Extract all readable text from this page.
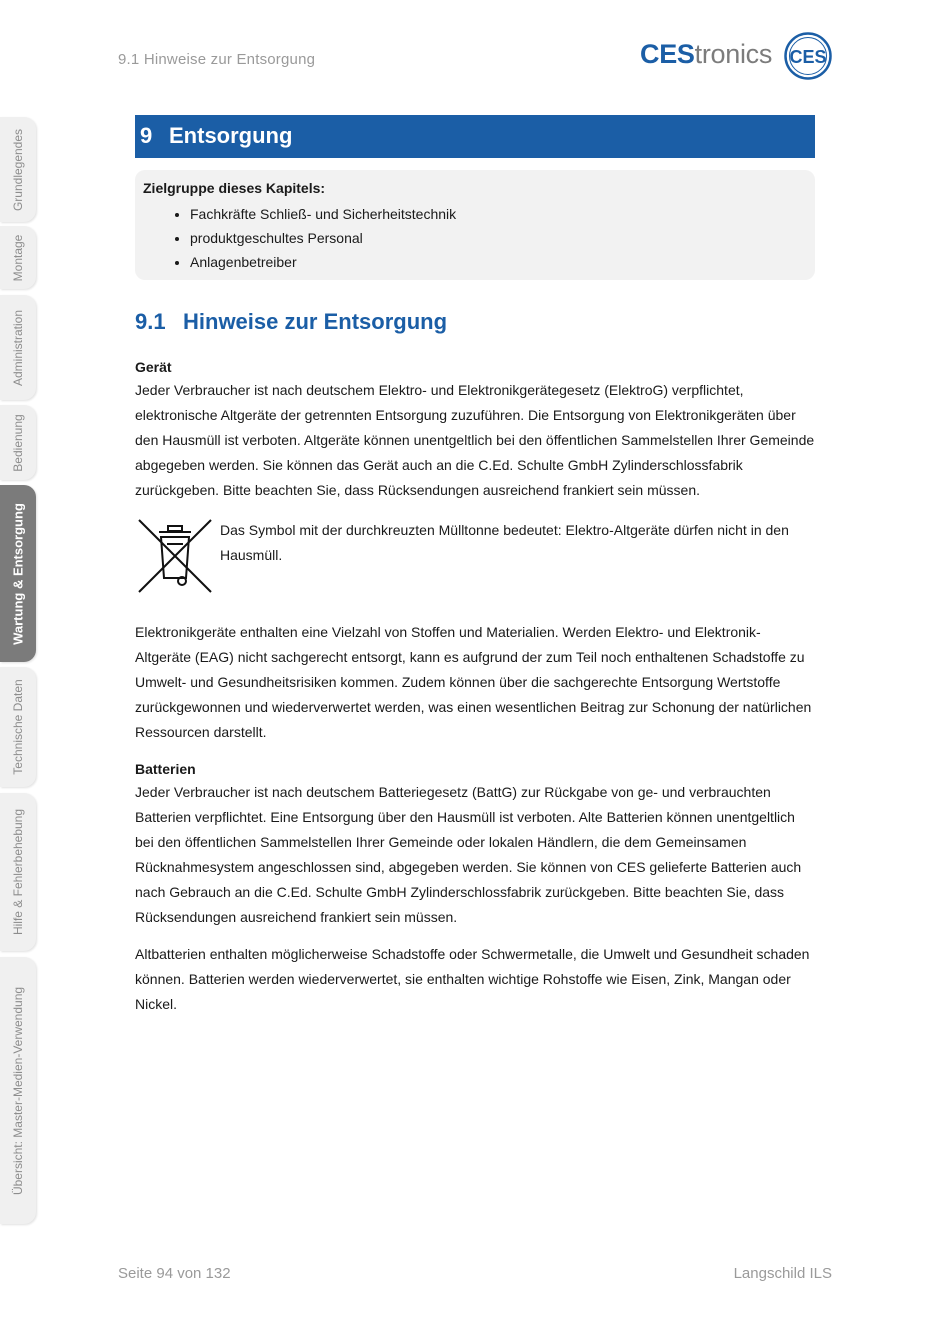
9.1 Hinweise zur Entsorgung	CEStronics CES
Grundlegendes
Montage
Administration
Bedienung
Wartung & Entsorgung
Technische Daten
Hilfe & Fehlerbehebung
Übersicht: Master-Medien-Verwendung
9 Entsorgung
Zielgruppe dieses Kapitels:
• Fachkräfte Schließ- und Sicherheitstechnik
• produktgeschultes Personal
• Anlagenbetreiber
9.1 Hinweise zur Entsorgung
Gerät

Jeder Verbraucher ist nach deutschem Elektro- und Elektronikgerätegesetz (ElektroG) verpflichtet, elektronische Altgeräte der getrennten Entsorgung zuzuführen. Die Entsorgung von Elektronikgeräten über den Hausmüll ist verboten. Altgeräte können unentgeltlich bei den öffentlichen Sammelstellen Ihrer Gemeinde abgegeben werden. Sie können das Gerät auch an die C.Ed. Schulte GmbH Zylinderschlossfabrik zurückgeben. Bitte beachten Sie, dass Rücksendungen ausreichend frankiert sein müssen.

Das Symbol mit der durchkreuzten Mülltonne bedeutet: Elektro-Altgeräte dürfen nicht in den Hausmüll.

Elektronikgeräte enthalten eine Vielzahl von Stoffen und Materialien. Werden Elektro- und Elektronik-Altgeräte (EAG) nicht sachgerecht entsorgt, kann es aufgrund der zum Teil noch enthaltenen Schadstoffe zu Umwelt- und Gesundheitsrisiken kommen. Zudem können über die sachgerechte Entsorgung Wertstoffe zurückgewonnen und wiederverwertet werden, was einen wesentlichen Beitrag zur Schonung der natürlichen Ressourcen darstellt.

Batterien

Jeder Verbraucher ist nach deutschem Batteriegesetz (BattG) zur Rückgabe von ge- und verbrauchten Batterien verpflichtet. Eine Entsorgung über den Hausmüll ist verboten. Alte Batterien können unentgeltlich bei den öffentlichen Sammelstellen Ihrer Gemeinde oder lokalen Händlern, die dem Gemeinsamen Rücknahmesystem angeschlossen sind, abgegeben werden. Sie können von CES gelieferte Batterien auch nach Gebrauch an die C.Ed. Schulte GmbH Zylinderschlossfabrik zurückgeben. Bitte beachten Sie, dass Rücksendungen ausreichend frankiert sein müssen.

Altbatterien enthalten möglicherweise Schadstoffe oder Schwermetalle, die Umwelt und Gesundheit schaden können. Batterien werden wiederverwertet, sie enthalten wichtige Rohstoffe wie Eisen, Zink, Mangan oder Nickel.

Seite 94 von 132	Langschild ILS
